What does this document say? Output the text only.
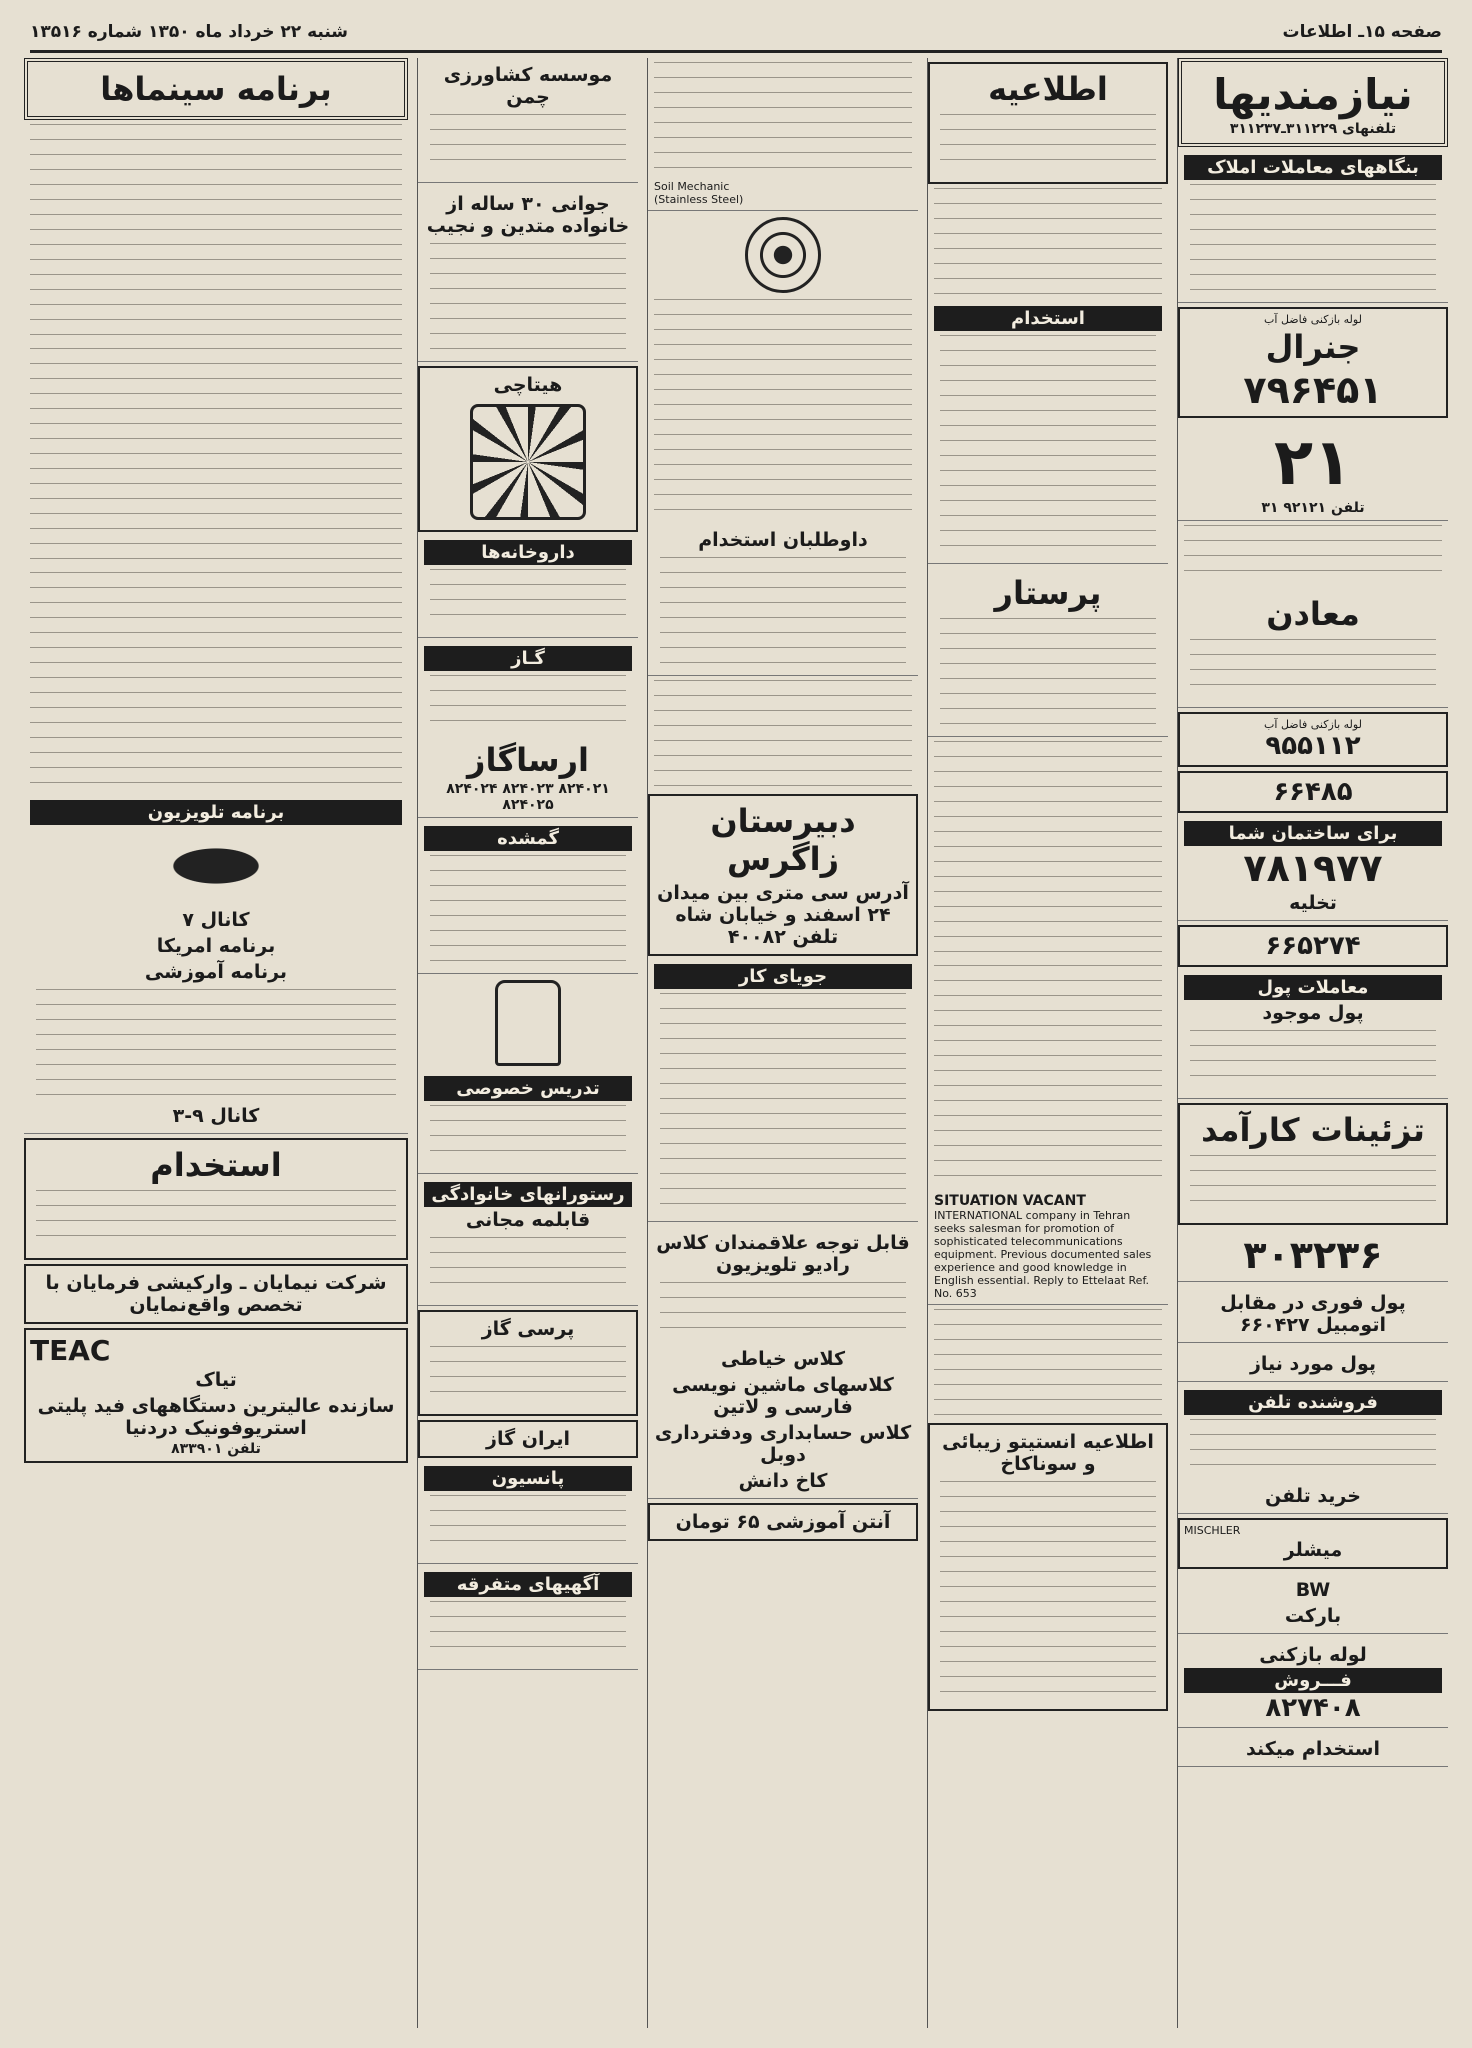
صفحه ۱۵ـ اطلاعات
شنبه ۲۲ خرداد ماه ۱۳۵۰ شماره ۱۳۵۱۶
نیازمندیها
تلفنهای ۳۱۱۲۲۹ـ۳۱۱۲۳۷
بنگاههای معاملات املاک
لوله بازکنی فاضل آب
جنرال
۷۹۶۴۵۱
۲۱
تلفن ۹۲۱۲۱ ۳۱
معادن
لوله بازکنی فاضل آب
۹۵۵۱۱۲
۶۶۴۸۵
برای ساختمان شما
۷۸۱۹۷۷
تخلیه
۶۶۵۲۷۴
معاملات پول
پول موجود
تزئینات کارآمد
۳۰۳۲۳۶
پول فوری در مقابل اتومبیل ۶۶۰۴۲۷
پول مورد نیاز
فروشنده تلفن
خرید تلفن
MISCHLER
میشلر
BW
بارکت
لوله بازکنی
فـــروش
۸۲۷۴۰۸
استخدام میکند
اطلاعیه
استخدام
پرستار
SITUATION VACANT

INTERNATIONAL company in Tehran seeks salesman for promotion of sophisticated telecommunications equipment. Previous documented sales experience and good knowledge in English essential. Reply to Ettelaat Ref. No. 653

اطلاعیه انستیتو زیبائی و سوناکاخ
Soil Mechanic
(Stainless Steel)
داوطلبان استخدام
دبیرستان زاگرس
آدرس سی متری بین میدان ۲۴ اسفند و خیابان شاه تلفن ۴۰۰۸۲
جویای کار
قابل توجه علاقمندان کلاس رادیو تلویزیون
کلاس خیاطی
کلاسهای ماشین نویسی فارسی و لاتین
کلاس حسابداری ودفترداری دوبل
کاخ دانش
آنتن آموزشی ۶۵ تومان
موسسه کشاورزی چمن
جوانی ۳۰ ساله از خانواده متدین و نجیب
هیتاچی
داروخانه‌ها
گـاز
ارساگاز
۸۲۴۰۲۱ ۸۲۴۰۲۳ ۸۲۴۰۲۴ ۸۲۴۰۲۵
گمشده
تدریس خصوصی
رستورانهای خانوادگی
قابلمه مجانی
پرسی گاز
ایران گاز
پانسیون
آگهیهای متفرقه
برنامه سینماها
برنامه تلویزیون
کانال ۷
برنامه امریکا
برنامه آموزشی
کانال ۹-۳
استخدام
شرکت نیمایان ـ وارکیشی فرمایان با تخصص واقع‌نمایان
TEAC
تیاک
سازنده عالیترین دستگاههای فید پلیتی استریوفونیک دردنیا
تلفن ۸۳۳۹۰۱
